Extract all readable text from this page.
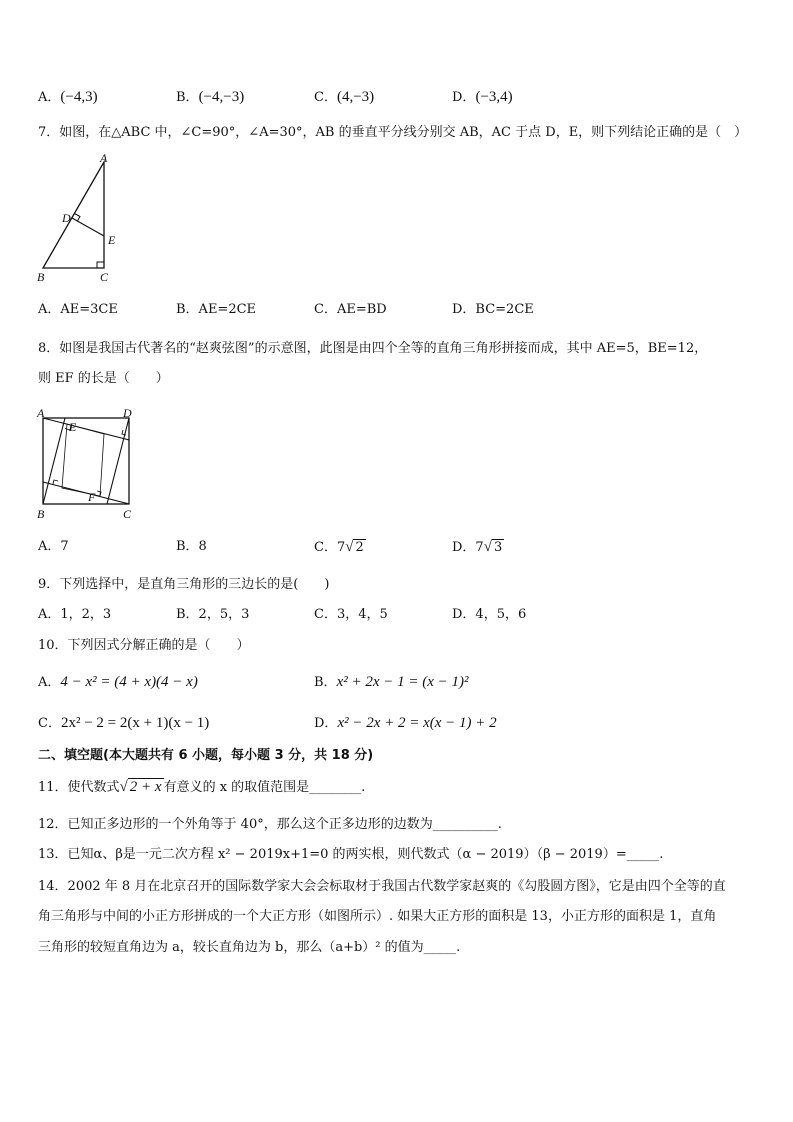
A．(−4,3)	B．(−4,−3)	C．(4,−3)	D．(−3,4)
7．如图，在△ABC 中，∠C=90°，∠A=30°，AB 的垂直平分线分别交 AB，AC 于点 D，E，则下列结论正确的是（　）
A
D
E
B	C
A．AE=3CE	B．AE=2CE	C．AE=BD	D．BC=2CE
8．如图是我国古代著名的“赵爽弦图”的示意图，此图是由四个全等的直角三角形拼接而成，其中 AE=5，BE=12，
则 EF 的长是（　　）
A	D
E
F
B	C
A．7	B．8	C．7√ 2	D．7√ 3
9．下列选择中，是直角三角形的三边长的是(　　)
A．1，2，3	B．2，5，3	C．3，4，5	D．4，5，6
10．下列因式分解正确的是（　　）
A．4 − x² = (4 + x)(4 − x)	B．x² + 2x − 1 = (x − 1)²
C．2x² − 2 = 2(x + 1)(x − 1)	D．x² − 2x + 2 = x(x − 1) + 2
二、填空题(本大题共有 6 小题，每小题 3 分，共 18 分)
11．使代数式√ 2 + x 有意义的 x 的取值范围是________.
12．已知正多边形的一个外角等于 40°，那么这个正多边形的边数为__________.
13．已知α、β是一元二次方程 x² − 2019x+1=0 的两实根，则代数式（α − 2019）（β − 2019）=_____.
14．2002 年 8 月在北京召开的国际数学家大会会标取材于我国古代数学家赵爽的《勾股圆方图》，它是由四个全等的直
角三角形与中间的小正方形拼成的一个大正方形（如图所示）. 如果大正方形的面积是 13，小正方形的面积是 1，直角
三角形的较短直角边为 a，较长直角边为 b，那么（a+b）² 的值为_____.
